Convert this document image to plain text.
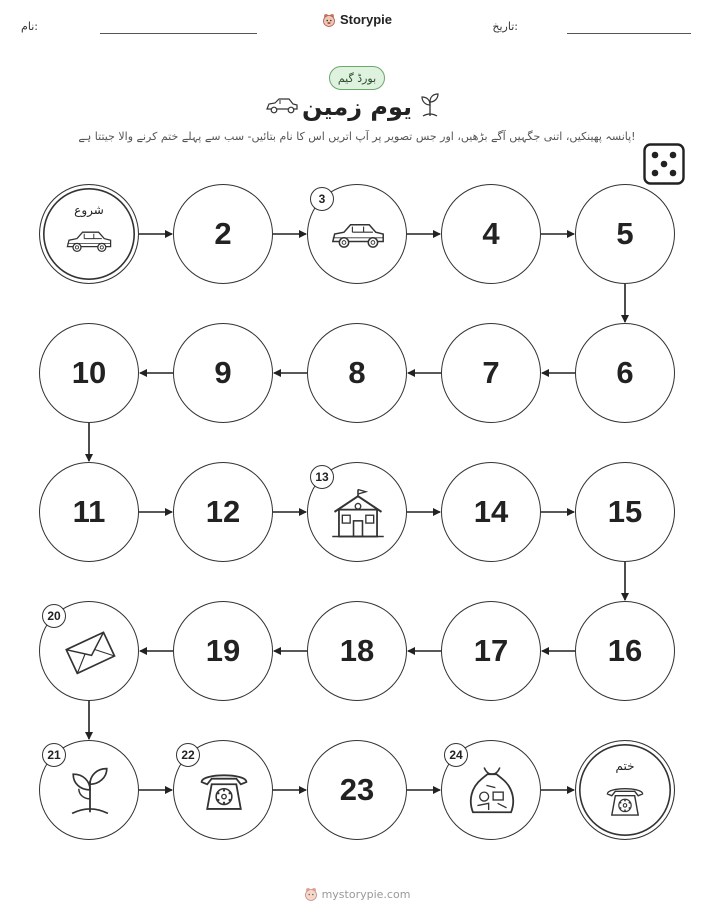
نام:	Storypie	تاریخ:
بورڈ گیم
یوم زمین
پانسہ پھینکیں، اتنی جگہیں آگے بڑھیں، اور جس تصویر پر آپ اتریں اس کا نام بتائیں- سب سے پہلے ختم کرنے والا جیتتا ہے!
شروع
2
3
4	5
6
7
8
9
10
11	12
13
14	15
16
17
18
19
20
21	22
23
24
ختم
mystorypie.com
